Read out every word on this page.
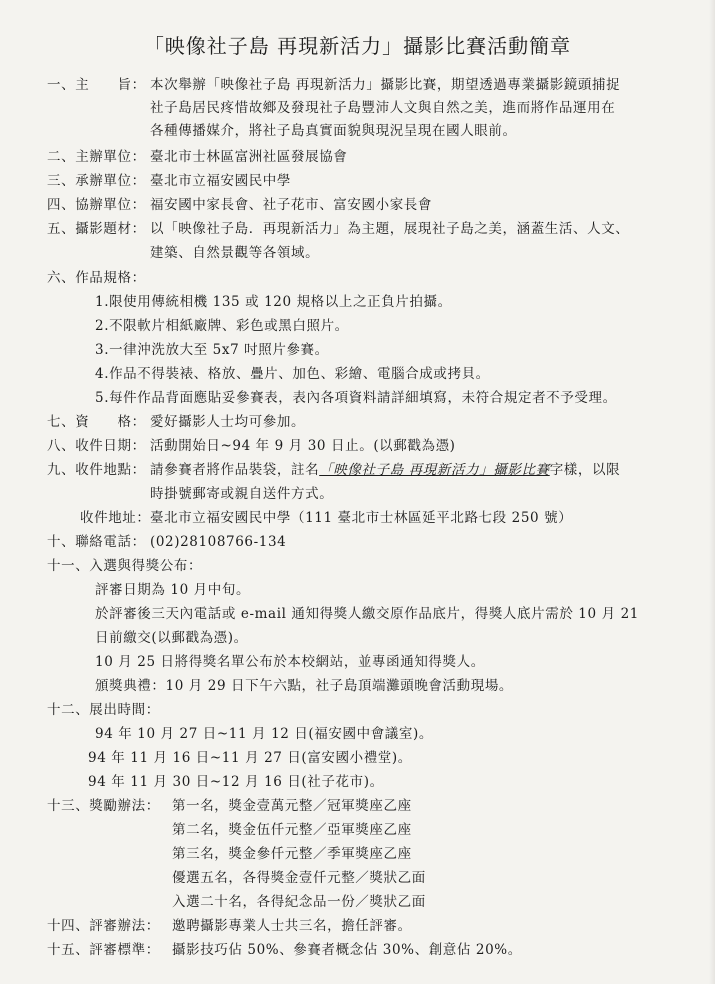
「映像社子島 再現新活力」攝影比賽活動簡章
一、主　　旨： 本次舉辦「映像社子島 再現新活力」攝影比賽，期望透過專業攝影鏡頭捕捉
社子島居民疼惜故鄉及發現社子島豐沛人文與自然之美，進而將作品運用在
各種傳播媒介，將社子島真實面貌與現況呈現在國人眼前。
二、主辦單位： 臺北市士林區富洲社區發展協會
三、承辦單位： 臺北市立福安國民中學
四、協辦單位： 福安國中家長會、社子花市、富安國小家長會
五、攝影題材： 以「映像社子島．再現新活力」為主題，展現社子島之美，涵蓋生活、人文、
建築、自然景觀等各領域。
六、作品規格：
1.限使用傳統相機 135 或 120 規格以上之正負片拍攝。
2.不限軟片相紙廠牌、彩色或黑白照片。
3.一律沖洗放大至 5x7 吋照片參賽。
4.作品不得裝裱、格放、疊片、加色、彩繪、電腦合成或拷貝。
5.每件作品背面應貼妥參賽表，表內各項資料請詳細填寫，未符合規定者不予受理。
七、資　　格： 愛好攝影人士均可參加。
八、收件日期： 活動開始日~94 年 9 月 30 日止。(以郵戳為憑)
九、收件地點： 請參賽者將作品裝袋，註名「映像社子島 再現新活力」攝影比賽字樣，以限
時掛號郵寄或親自送件方式。
收件地址： 臺北市立福安國民中學（111 臺北市士林區延平北路七段 250 號）
十、聯絡電話： (02)28108766-134
十一、入選與得獎公布：
評審日期為 10 月中旬。
於評審後三天內電話或 e-mail 通知得獎人繳交原作品底片，得獎人底片需於 10 月 21
日前繳交(以郵戳為憑)。
10 月 25 日將得獎名單公布於本校網站，並專函通知得獎人。
頒獎典禮：10 月 29 日下午六點，社子島頂端灘頭晚會活動現場。
十二、展出時間：
94 年 10 月 27 日~11 月 12 日(福安國中會議室)。
94 年 11 月 16 日~11 月 27 日(富安國小禮堂)。
94 年 11 月 30 日~12 月 16 日(社子花市)。
十三、獎勵辦法： 第一名，獎金壹萬元整／冠軍獎座乙座
第二名，獎金伍仟元整／亞軍獎座乙座
第三名，獎金參仟元整／季軍獎座乙座
優選五名，各得獎金壹仟元整／獎狀乙面
入選二十名，各得紀念品一份／獎狀乙面
十四、評審辦法： 邀聘攝影專業人士共三名，擔任評審。
十五、評審標準： 攝影技巧佔 50%、參賽者概念佔 30%、創意佔 20%。
